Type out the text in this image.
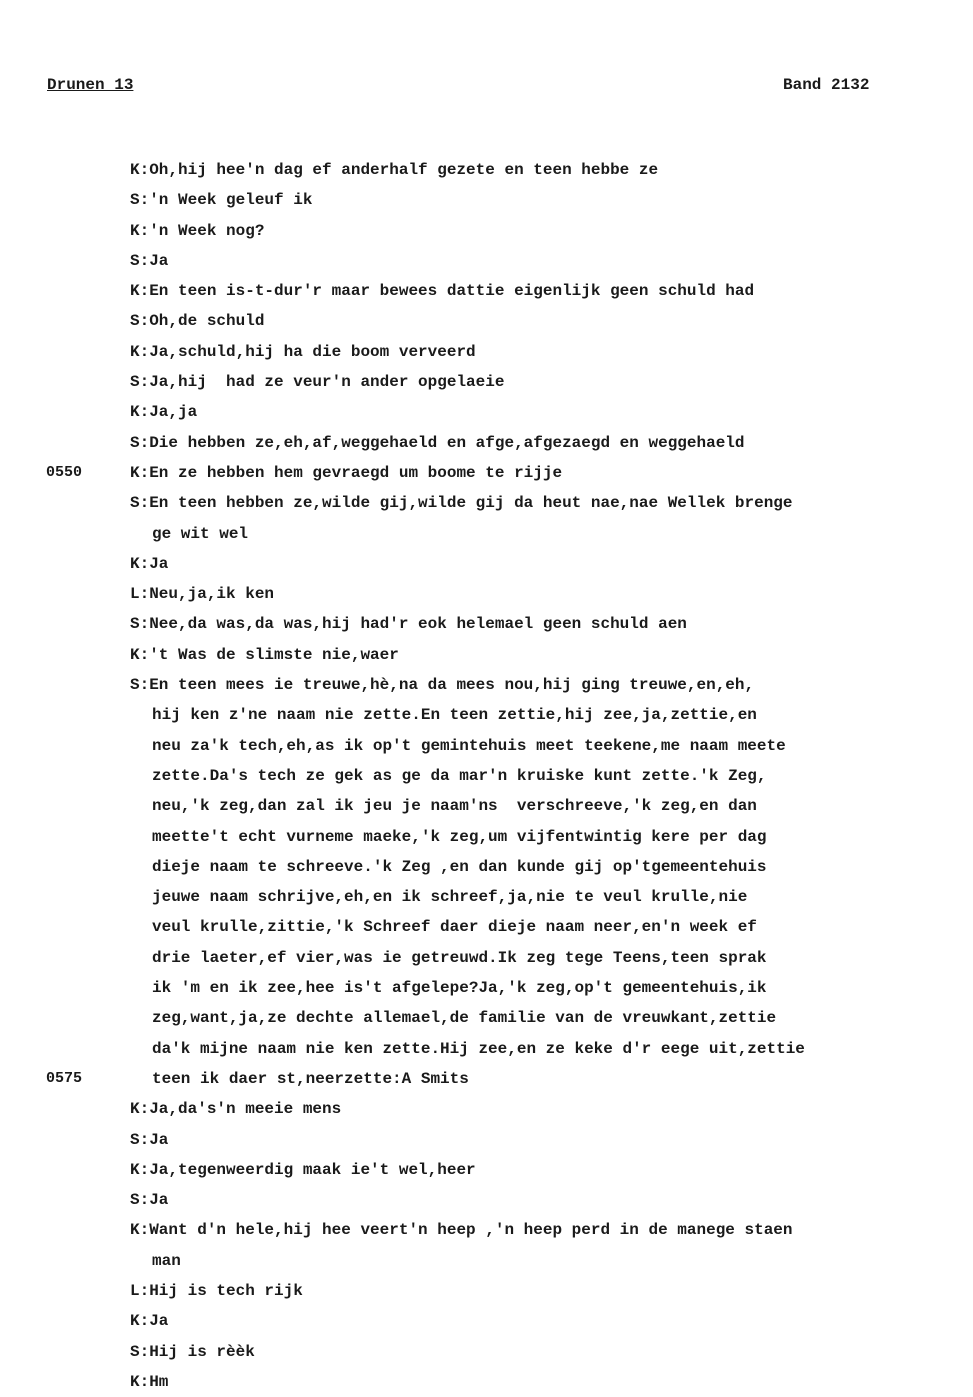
Drunen 13	Band 2132
K:Oh,hij hee'n dag ef anderhalf gezete en teen hebbe ze
S:'n Week geleuf ik
K:'n Week nog?
S:Ja
K:En teen is-t-dur'r maar bewees dattie eigenlijk geen schuld had
S:Oh,de schuld
K:Ja,schuld,hij ha die boom verveerd
S:Ja,hij  had ze veur'n ander opgelaeie
K:Ja,ja
S:Die hebben ze,eh,af,weggehaeld en afge,afgezaegd en weggehaeld
K:En ze hebben hem gevraegd um boome te rijje
S:En teen hebben ze,wilde gij,wilde gij da heut nae,nae Wellek brenge
ge wit wel
K:Ja
L:Neu,ja,ik ken
S:Nee,da was,da was,hij had'r eok helemael geen schuld aen
K:'t Was de slimste nie,waer
S:En teen mees ie treuwe,hè,na da mees nou,hij ging treuwe,en,eh,
hij ken z'ne naam nie zette.En teen zettie,hij zee,ja,zettie,en
neu za'k tech,eh,as ik op't gemintehuis meet teekene,me naam meete
zette.Da's tech ze gek as ge da mar'n kruiske kunt zette.'k Zeg,
neu,'k zeg,dan zal ik jeu je naam'ns  verschreeve,'k zeg,en dan
meette't echt vurneme maeke,'k zeg,um vijfentwintig kere per dag
dieje naam te schreeve.'k Zeg ,en dan kunde gij op'tgemeentehuis
jeuwe naam schrijve,eh,en ik schreef,ja,nie te veul krulle,nie
veul krulle,zittie,'k Schreef daer dieje naam neer,en'n week ef
drie laeter,ef vier,was ie getreuwd.Ik zeg tege Teens,teen sprak
ik 'm en ik zee,hee is't afgelepe?Ja,'k zeg,op't gemeentehuis,ik
zeg,want,ja,ze dechte allemael,de familie van de vreuwkant,zettie
da'k mijne naam nie ken zette.Hij zee,en ze keke d'r eege uit,zettie
teen ik daer st,neerzette:A Smits
K:Ja,da's'n meeie mens
S:Ja
K:Ja,tegenweerdig maak ie't wel,heer
S:Ja
K:Want d'n hele,hij hee veert'n heep ,'n heep perd in de manege staen
man
L:Hij is tech rijk
K:Ja
S:Hij is rèèk
K:Hm
0550
0575
